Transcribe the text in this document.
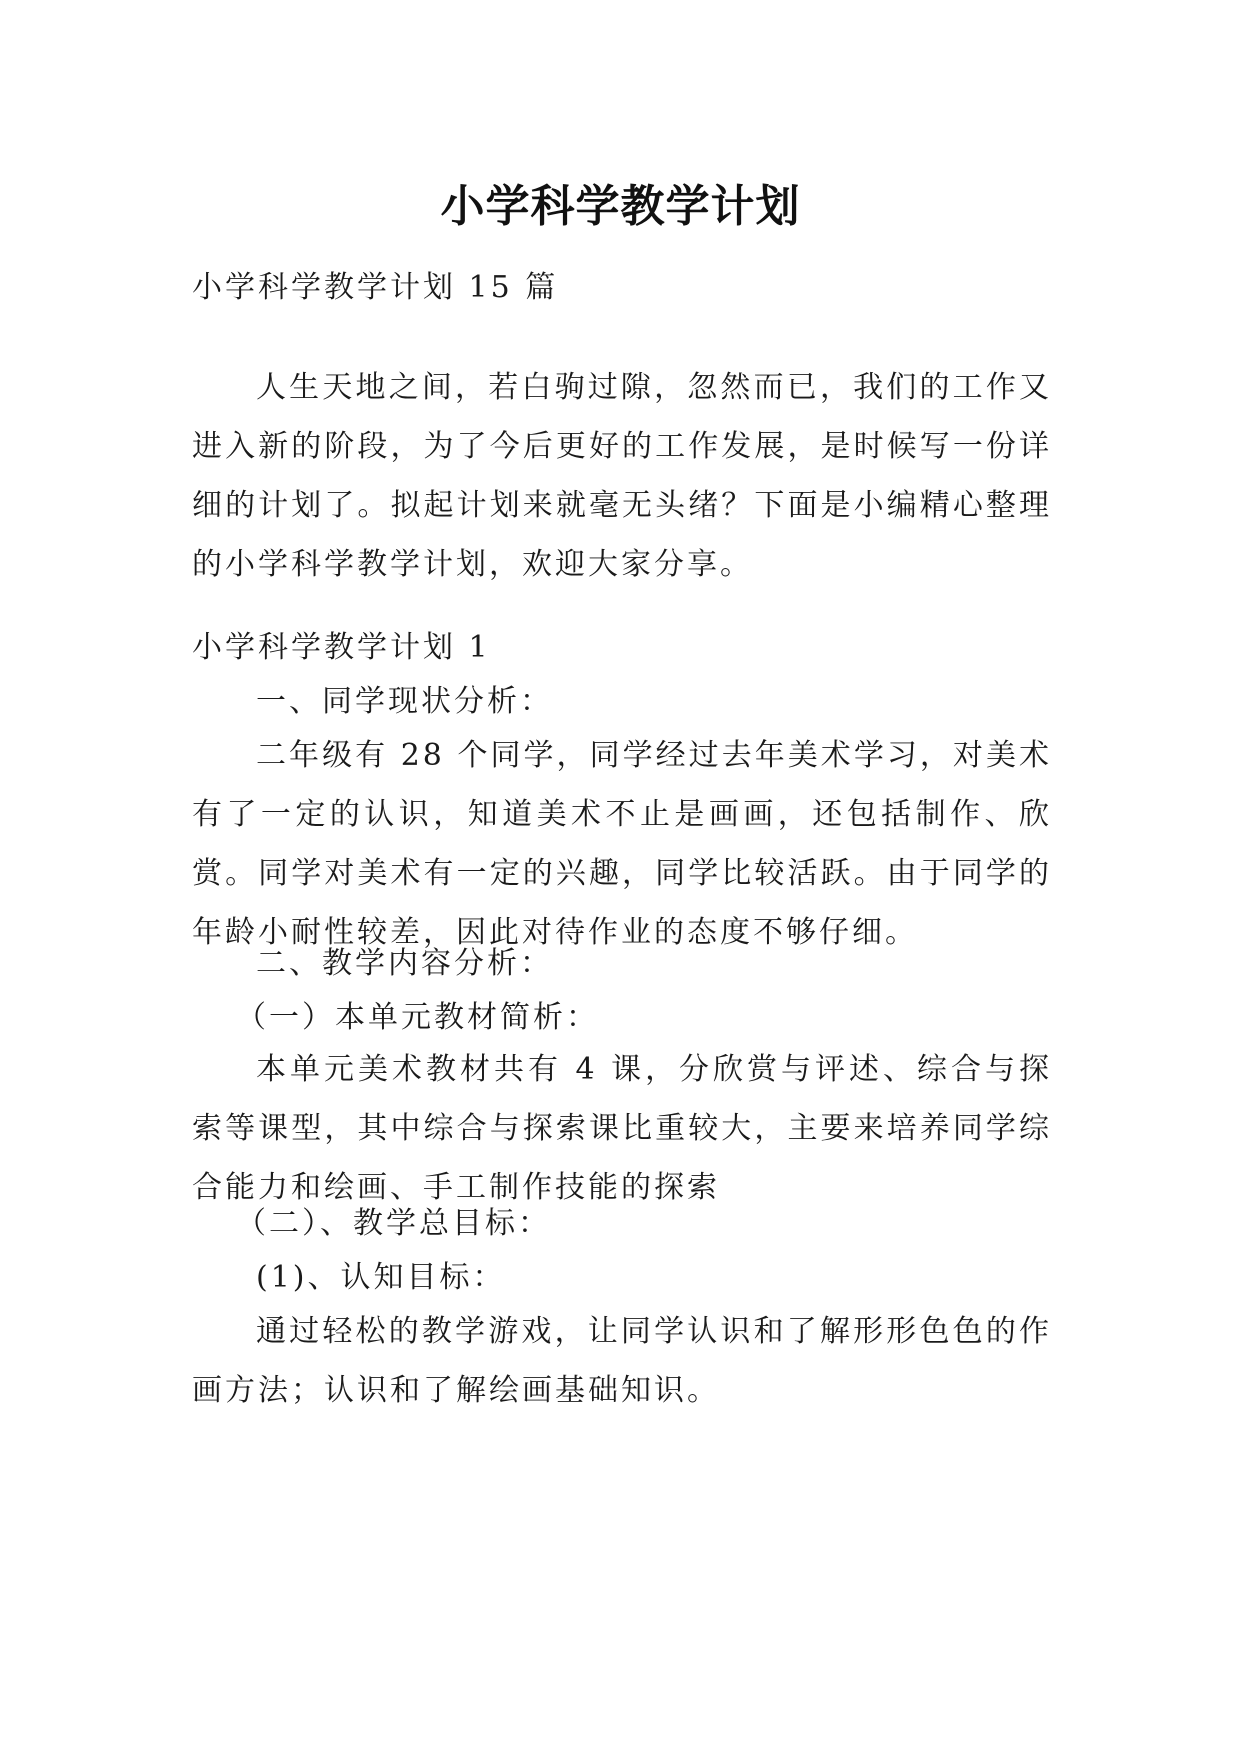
小学科学教学计划

小学科学教学计划 15 篇

人生天地之间，若白驹过隙，忽然而已，我们的工作又进入新的阶段，为了今后更好的工作发展，是时候写一份详细的计划了。拟起计划来就毫无头绪？下面是小编精心整理的小学科学教学计划，欢迎大家分享。

小学科学教学计划 1

一、同学现状分析：

二年级有 28 个同学，同学经过去年美术学习，对美术有了一定的认识，知道美术不止是画画，还包括制作、欣赏。同学对美术有一定的兴趣，同学比较活跃。由于同学的年龄小耐性较差，因此对待作业的态度不够仔细。

二、教学内容分析：

（一）本单元教材简析：

本单元美术教材共有 4 课，分欣赏与评述、综合与探索等课型，其中综合与探索课比重较大，主要来培养同学综合能力和绘画、手工制作技能的探索

（二）、教学总目标：

(1)、认知目标：

通过轻松的教学游戏，让同学认识和了解形形色色的作画方法；认识和了解绘画基础知识。
